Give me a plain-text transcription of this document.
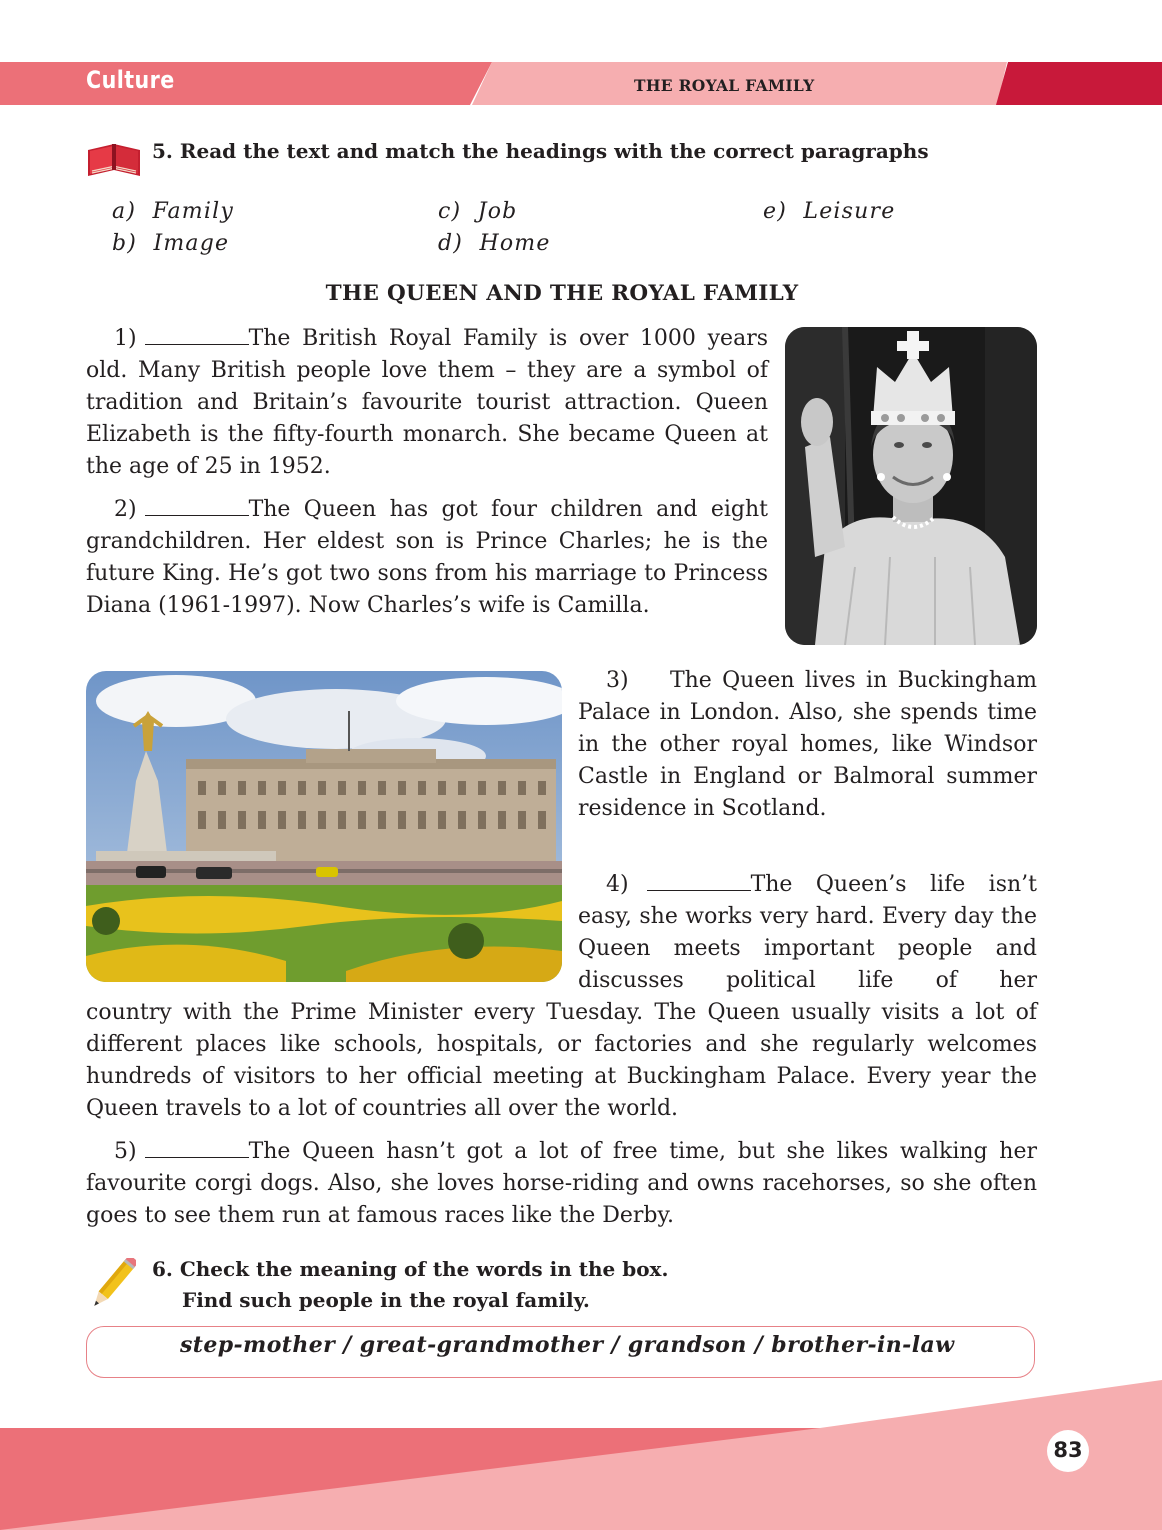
Culture	THE ROYAL FAMILY
5. Read the text and match the headings with the correct paragraphs
a) Family
b) Image
c) Job
d) Home
e) Leisure
THE QUEEN AND THE ROYAL FAMILY

1)	The British Royal Family is over 1000 years old. Many British people love them – they are a symbol of tradition and Britain’s favourite tourist attraction. Queen Elizabeth is the fifty-fourth monarch. She became Queen at the age of 25 in 1952.

2)	The Queen has got four children and eight grandchildren. Her eldest son is Prince Charles; he is the future King. He’s got two sons from his marriage to Princess Diana (1961-1997). Now Charles’s wife is Camilla.

3) The Queen lives in Buckingham Palace in London. Also, she spends time in the other royal homes, like Windsor Castle in England or Balmoral summer residence in Scotland.

4)	The Queen’s life isn’t easy, she works very hard. Every day the Queen meets important people and discusses political life of her

country with the Prime Minister every Tuesday. The Queen usually visits a lot of different places like schools, hospitals, or factories and she regularly welcomes hundreds of visitors to her official meeting at Buckingham Palace. Every year the Queen travels to a lot of countries all over the world.

5)	The Queen hasn’t got a lot of free time, but she likes walking her favourite corgi dogs. Also, she loves horse-riding and owns racehorses, so she often goes to see them run at famous races like the Derby.

6. Check the meaning of the words in the box.
Find such people in the royal family.
step-mother / great-grandmother / grandson / brother-in-law
83
